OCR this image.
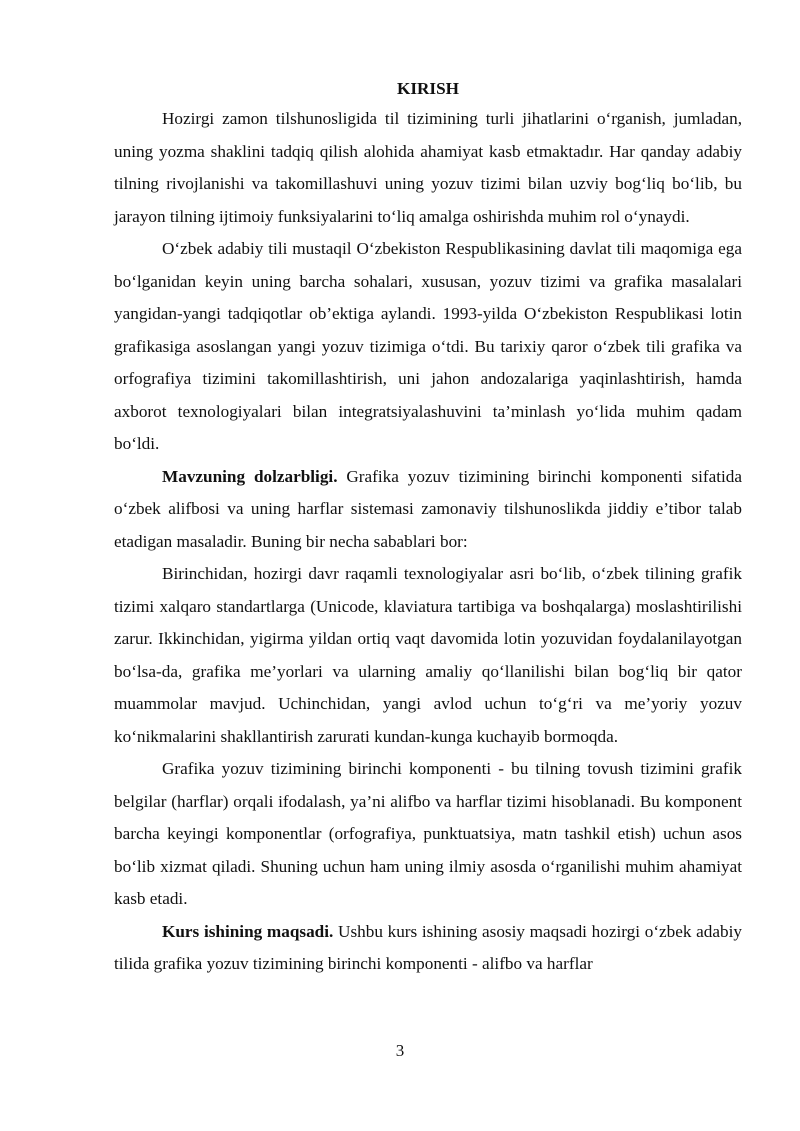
KIRISH

Hozirgi zamon tilshunosligida til tizimining turli jihatlarini o‘rganish, jumladan, uning yozma shaklini tadqiq qilish alohida ahamiyat kasb etmaktadır. Har qanday adabiy tilning rivojlanishi va takomillashuvi uning yozuv tizimi bilan uzviy bog‘liq bo‘lib, bu jarayon tilning ijtimoiy funksiyalarini to‘liq amalga oshirishda muhim rol o‘ynaydi.

O‘zbek adabiy tili mustaqil O‘zbekiston Respublikasining davlat tili maqomiga ega bo‘lganidan keyin uning barcha sohalari, xususan, yozuv tizimi va grafika masalalari yangidan-yangi tadqiqotlar ob’ektiga aylandi. 1993-yilda O‘zbekiston Respublikasi lotin grafikasiga asoslangan yangi yozuv tizimiga o‘tdi. Bu tarixiy qaror o‘zbek tili grafika va orfografiya tizimini takomillashtirish, uni jahon andozalariga yaqinlashtirish, hamda axborot texnologiyalari bilan integratsiyalashuvini ta’minlash yo‘lida muhim qadam bo‘ldi.

Mavzuning dolzarbligi. Grafika yozuv tizimining birinchi komponenti sifatida o‘zbek alifbosi va uning harflar sistemasi zamonaviy tilshunoslikda jiddiy e’tibor talab etadigan masaladir. Buning bir necha sabablari bor:

Birinchidan, hozirgi davr raqamli texnologiyalar asri bo‘lib, o‘zbek tilining grafik tizimi xalqaro standartlarga (Unicode, klaviatura tartibiga va boshqalarga) moslashtirilishi zarur. Ikkinchidan, yigirma yildan ortiq vaqt davomida lotin yozuvidan foydalanilayotgan bo‘lsa-da, grafika me’yorlari va ularning amaliy qo‘llanilishi bilan bog‘liq bir qator muammolar mavjud. Uchinchidan, yangi avlod uchun to‘g‘ri va me’yoriy yozuv ko‘nikmalarini shakllantirish zarurati kundan-kunga kuchayib bormoqda.

Grafika yozuv tizimining birinchi komponenti - bu tilning tovush tizimini grafik belgilar (harflar) orqali ifodalash, ya’ni alifbo va harflar tizimi hisoblanadi. Bu komponent barcha keyingi komponentlar (orfografiya, punktuatsiya, matn tashkil etish) uchun asos bo‘lib xizmat qiladi. Shuning uchun ham uning ilmiy asosda o‘rganilishi muhim ahamiyat kasb etadi.

Kurs ishining maqsadi. Ushbu kurs ishining asosiy maqsadi hozirgi o‘zbek adabiy tilida grafika yozuv tizimining birinchi komponenti - alifbo va harflar

3
